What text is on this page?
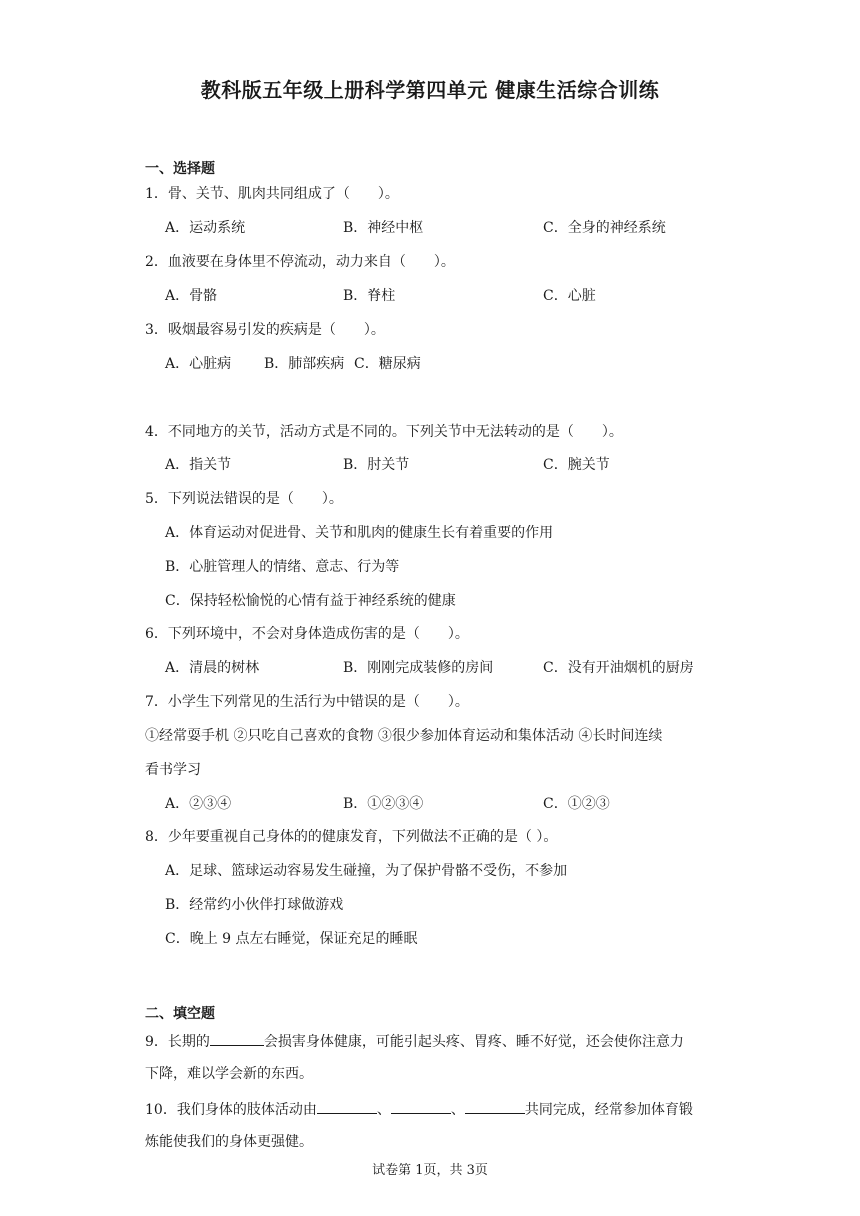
教科版五年级上册科学第四单元 健康生活综合训练
一、选择题
1．骨、关节、肌肉共同组成了（　　）。
A．运动系统	B．神经中枢	C．全身的神经系统
2．血液要在身体里不停流动，动力来自（　　）。
A．骨骼	B．脊柱	C．心脏
3．吸烟最容易引发的疾病是（　　）。
A．心脏病 B．肺部疾病 C．糖尿病
4．不同地方的关节，活动方式是不同的。下列关节中无法转动的是（　　）。
A．指关节	B．肘关节	C．腕关节
5．下列说法错误的是（　　）。
A．体育运动对促进骨、关节和肌肉的健康生长有着重要的作用
B．心脏管理人的情绪、意志、行为等
C．保持轻松愉悦的心情有益于神经系统的健康
6．下列环境中，不会对身体造成伤害的是（　　）。
A．清晨的树林	B．刚刚完成装修的房间	C．没有开油烟机的厨房
7．小学生下列常见的生活行为中错误的是（　　）。
①经常耍手机 ②只吃自己喜欢的食物 ③很少参加体育运动和集体活动 ④长时间连续
看书学习
A．②③④	B．①②③④	C．①②③
8．少年要重视自己身体的的健康发育，下列做法不正确的是（ ）。
A．足球、篮球运动容易发生碰撞，为了保护骨骼不受伤，不参加
B．经常约小伙伴打球做游戏
C．晚上 9 点左右睡觉，保证充足的睡眠
二、填空题
9．长期的	会损害身体健康，可能引起头疼、胃疼、睡不好觉，还会使你注意力
下降，难以学会新的东西。
10．我们身体的肢体活动由	、	、	共同完成，经常参加体育锻
炼能使我们的身体更强健。
试卷第 1页，共 3页
